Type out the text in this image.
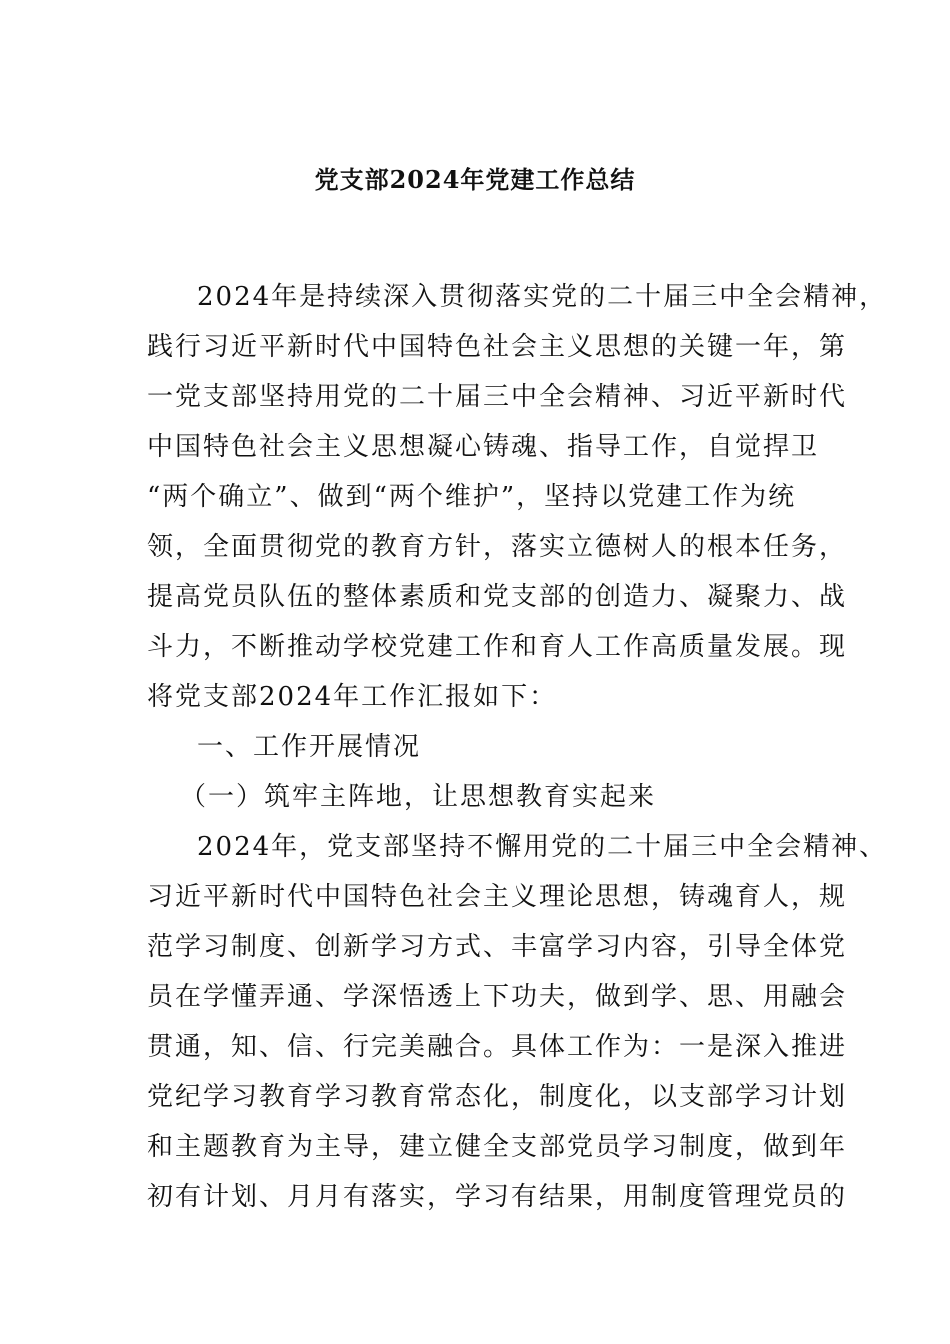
党支部2024年党建工作总结
2024年是持续深入贯彻落实党的二十届三中全会精神，
践行习近平新时代中国特色社会主义思想的关键一年，第
一党支部坚持用党的二十届三中全会精神、习近平新时代
中国特色社会主义思想凝心铸魂、指导工作，自觉捍卫
“两个确立”、做到“两个维护”，坚持以党建工作为统
领，全面贯彻党的教育方针，落实立德树人的根本任务，
提高党员队伍的整体素质和党支部的创造力、凝聚力、战
斗力，不断推动学校党建工作和育人工作高质量发展。现
将党支部2024年工作汇报如下：
一、工作开展情况
（一）筑牢主阵地，让思想教育实起来
2024年，党支部坚持不懈用党的二十届三中全会精神、
习近平新时代中国特色社会主义理论思想，铸魂育人，规
范学习制度、创新学习方式、丰富学习内容，引导全体党
员在学懂弄通、学深悟透上下功夫，做到学、思、用融会
贯通，知、信、行完美融合。具体工作为：一是深入推进
党纪学习教育学习教育常态化，制度化，以支部学习计划
和主题教育为主导，建立健全支部党员学习制度，做到年
初有计划、月月有落实，学习有结果，用制度管理党员的
